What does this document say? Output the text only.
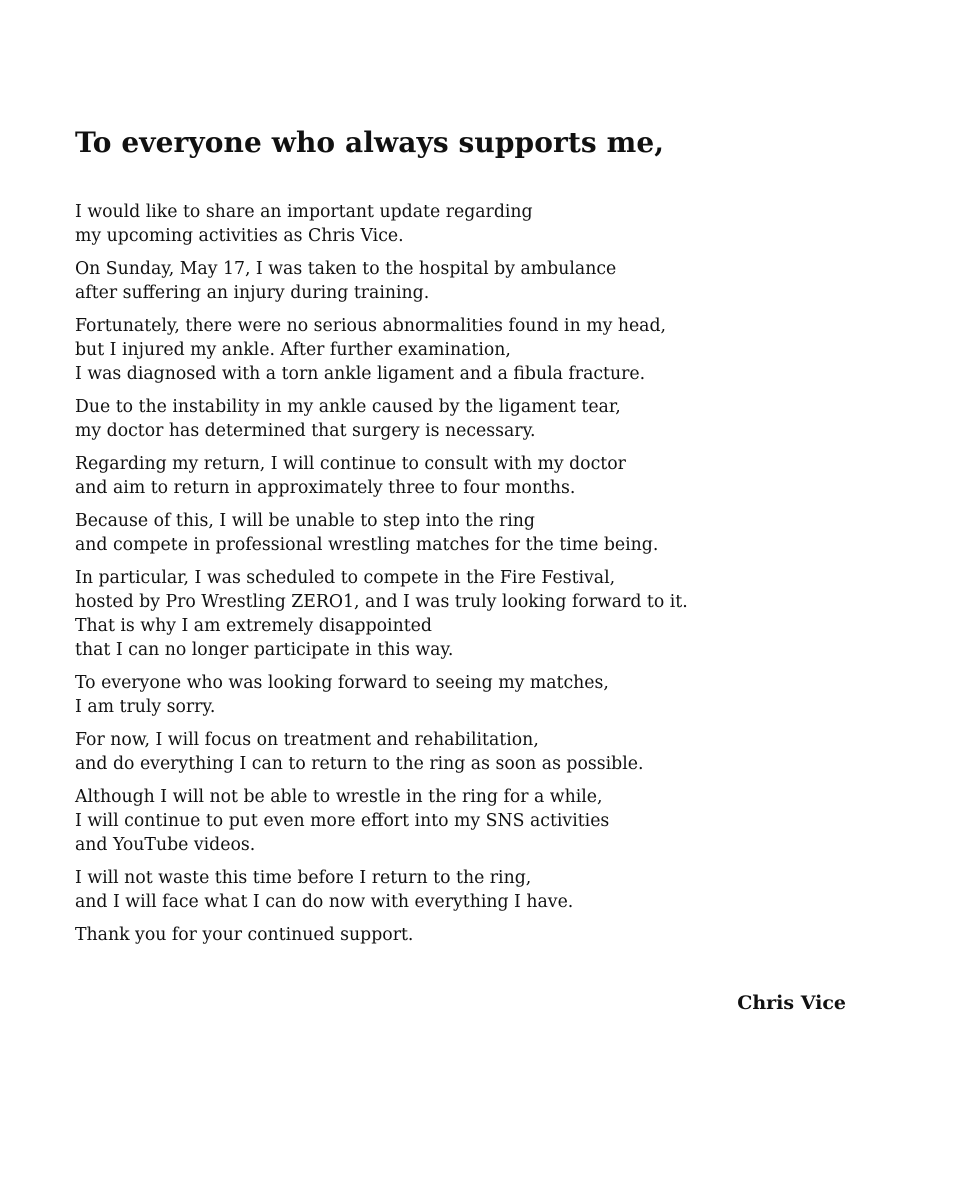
To everyone who always supports me,

I would like to share an important update regarding
my upcoming activities as Chris Vice.

On Sunday, May 17, I was taken to the hospital by ambulance
after suffering an injury during training.

Fortunately, there were no serious abnormalities found in my head,
but I injured my ankle. After further examination,
I was diagnosed with a torn ankle ligament and a fibula fracture.

Due to the instability in my ankle caused by the ligament tear,
my doctor has determined that surgery is necessary.

Regarding my return, I will continue to consult with my doctor
and aim to return in approximately three to four months.

Because of this, I will be unable to step into the ring
and compete in professional wrestling matches for the time being.

In particular, I was scheduled to compete in the Fire Festival,
hosted by Pro Wrestling ZERO1, and I was truly looking forward to it.
That is why I am extremely disappointed
that I can no longer participate in this way.

To everyone who was looking forward to seeing my matches,
I am truly sorry.

For now, I will focus on treatment and rehabilitation,
and do everything I can to return to the ring as soon as possible.

Although I will not be able to wrestle in the ring for a while,
I will continue to put even more effort into my SNS activities
and YouTube videos.

I will not waste this time before I return to the ring,
and I will face what I can do now with everything I have.

Thank you for your continued support.

Chris Vice
